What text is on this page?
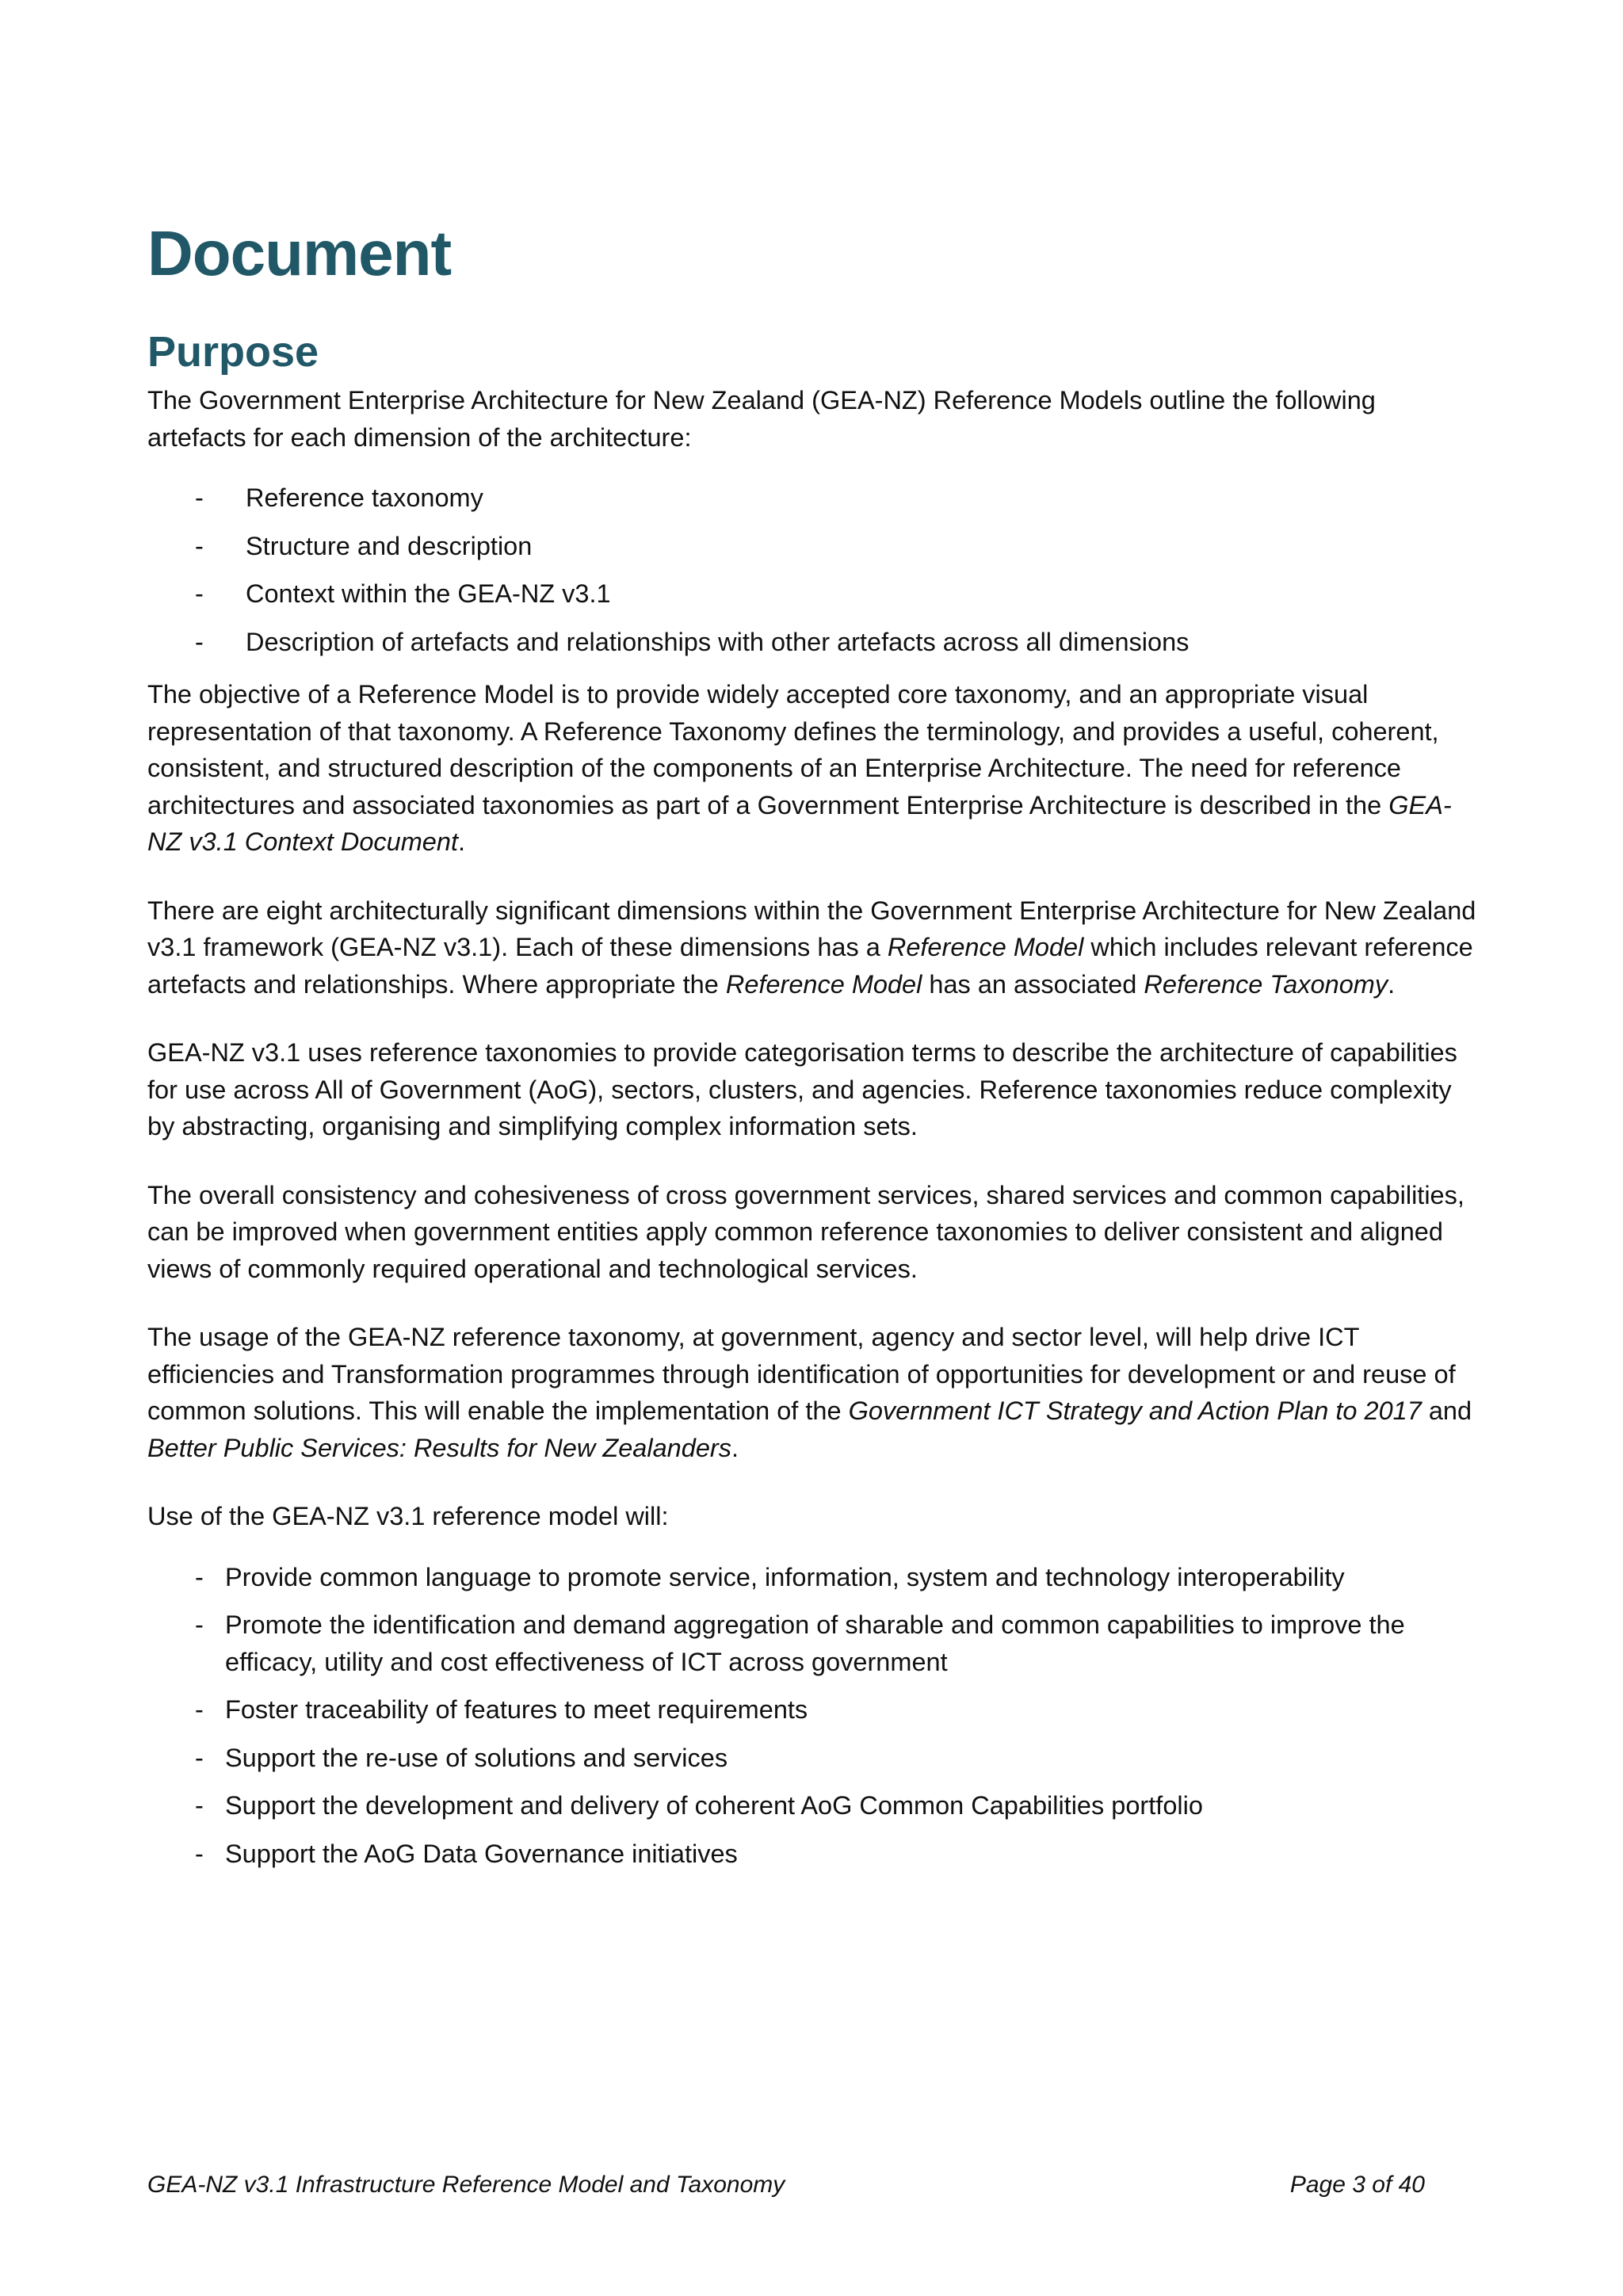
Document
Purpose

The Government Enterprise Architecture for New Zealand (GEA-NZ) Reference Models outline the following artefacts for each dimension of the architecture:

- Reference taxonomy
- Structure and description
- Context within the GEA-NZ v3.1
- Description of artefacts and relationships with other artefacts across all dimensions

The objective of a Reference Model is to provide widely accepted core taxonomy, and an appropriate visual representation of that taxonomy. A Reference Taxonomy defines the terminology, and provides a useful, coherent, consistent, and structured description of the components of an Enterprise Architecture. The need for reference architectures and associated taxonomies as part of a Government Enterprise Architecture is described in the GEA-NZ v3.1 Context Document.

There are eight architecturally significant dimensions within the Government Enterprise Architecture for New Zealand v3.1 framework (GEA-NZ v3.1). Each of these dimensions has a Reference Model which includes relevant reference artefacts and relationships. Where appropriate the Reference Model has an associated Reference Taxonomy.

GEA-NZ v3.1 uses reference taxonomies to provide categorisation terms to describe the architecture of capabilities for use across All of Government (AoG), sectors, clusters, and agencies. Reference taxonomies reduce complexity by abstracting, organising and simplifying complex information sets.

The overall consistency and cohesiveness of cross government services, shared services and common capabilities, can be improved when government entities apply common reference taxonomies to deliver consistent and aligned views of commonly required operational and technological services.

The usage of the GEA-NZ reference taxonomy, at government, agency and sector level, will help drive ICT efficiencies and Transformation programmes through identification of opportunities for development or and reuse of common solutions. This will enable the implementation of the Government ICT Strategy and Action Plan to 2017 and Better Public Services: Results for New Zealanders.

Use of the GEA-NZ v3.1 reference model will:

- Provide common language to promote service, information, system and technology interoperability
- Promote the identification and demand aggregation of sharable and common capabilities to improve the efficacy, utility and cost effectiveness of ICT across government
- Foster traceability of features to meet requirements
- Support the re-use of solutions and services
- Support the development and delivery of coherent AoG Common Capabilities portfolio
- Support the AoG Data Governance initiatives
GEA-NZ v3.1 Infrastructure Reference Model and Taxonomy	Page 3 of 40
